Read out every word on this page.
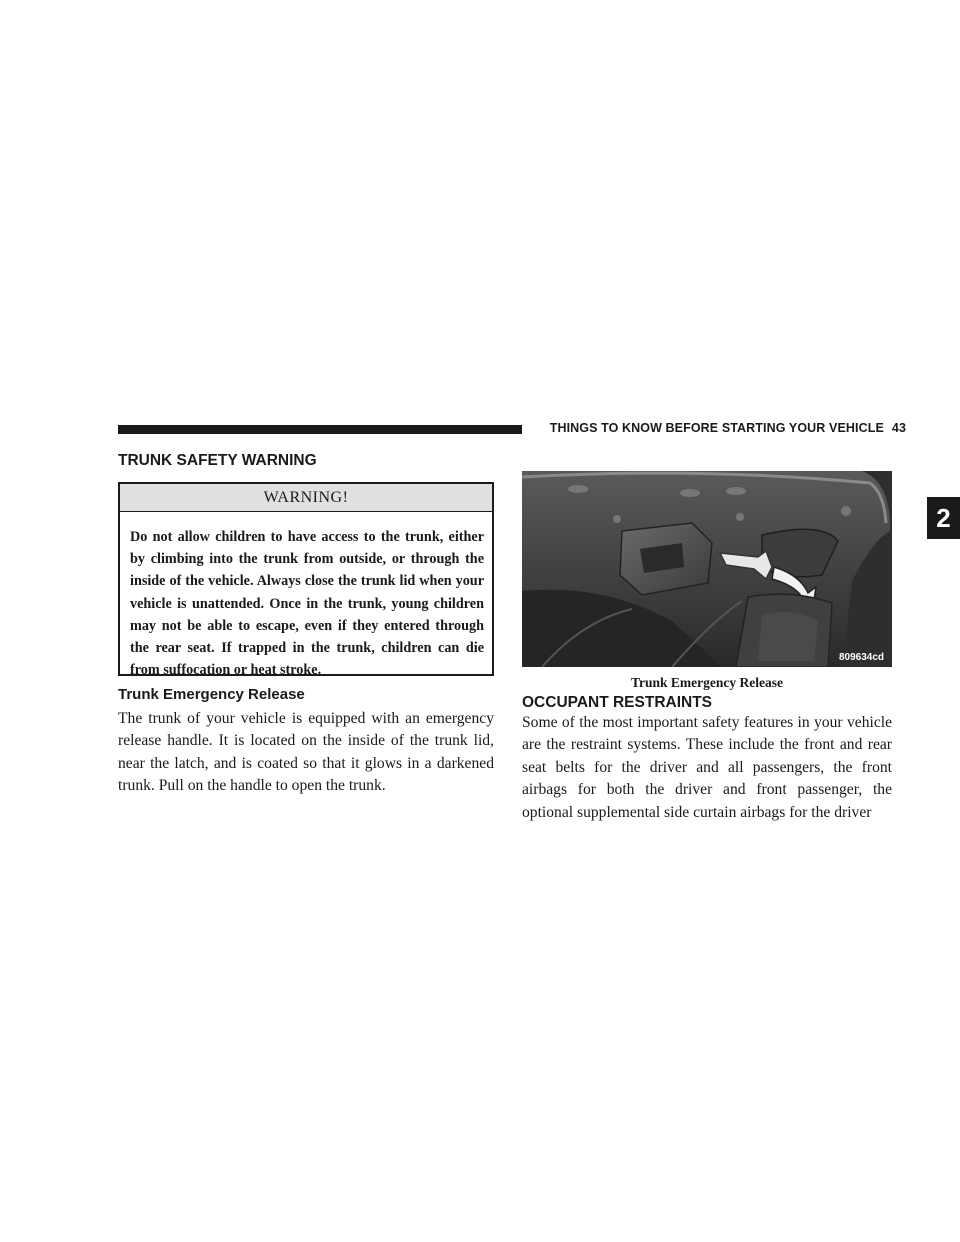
THINGS TO KNOW BEFORE STARTING YOUR VEHICLE 43
2
TRUNK SAFETY WARNING
WARNING!
Do not allow children to have access to the trunk, either by climbing into the trunk from outside, or through the inside of the vehicle. Always close the trunk lid when your vehicle is unattended. Once in the trunk, young children may not be able to escape, even if they entered through the rear seat. If trapped in the trunk, children can die from suffocation or heat stroke.
Trunk Emergency Release
The trunk of your vehicle is equipped with an emergency release handle. It is located on the inside of the trunk lid, near the latch, and is coated so that it glows in a darkened trunk. Pull on the handle to open the trunk.
809634cd
Trunk Emergency Release
OCCUPANT RESTRAINTS
Some of the most important safety features in your vehicle are the restraint systems. These include the front and rear seat belts for the driver and all passengers, the front airbags for both the driver and front passenger, the optional supplemental side curtain airbags for the driver
